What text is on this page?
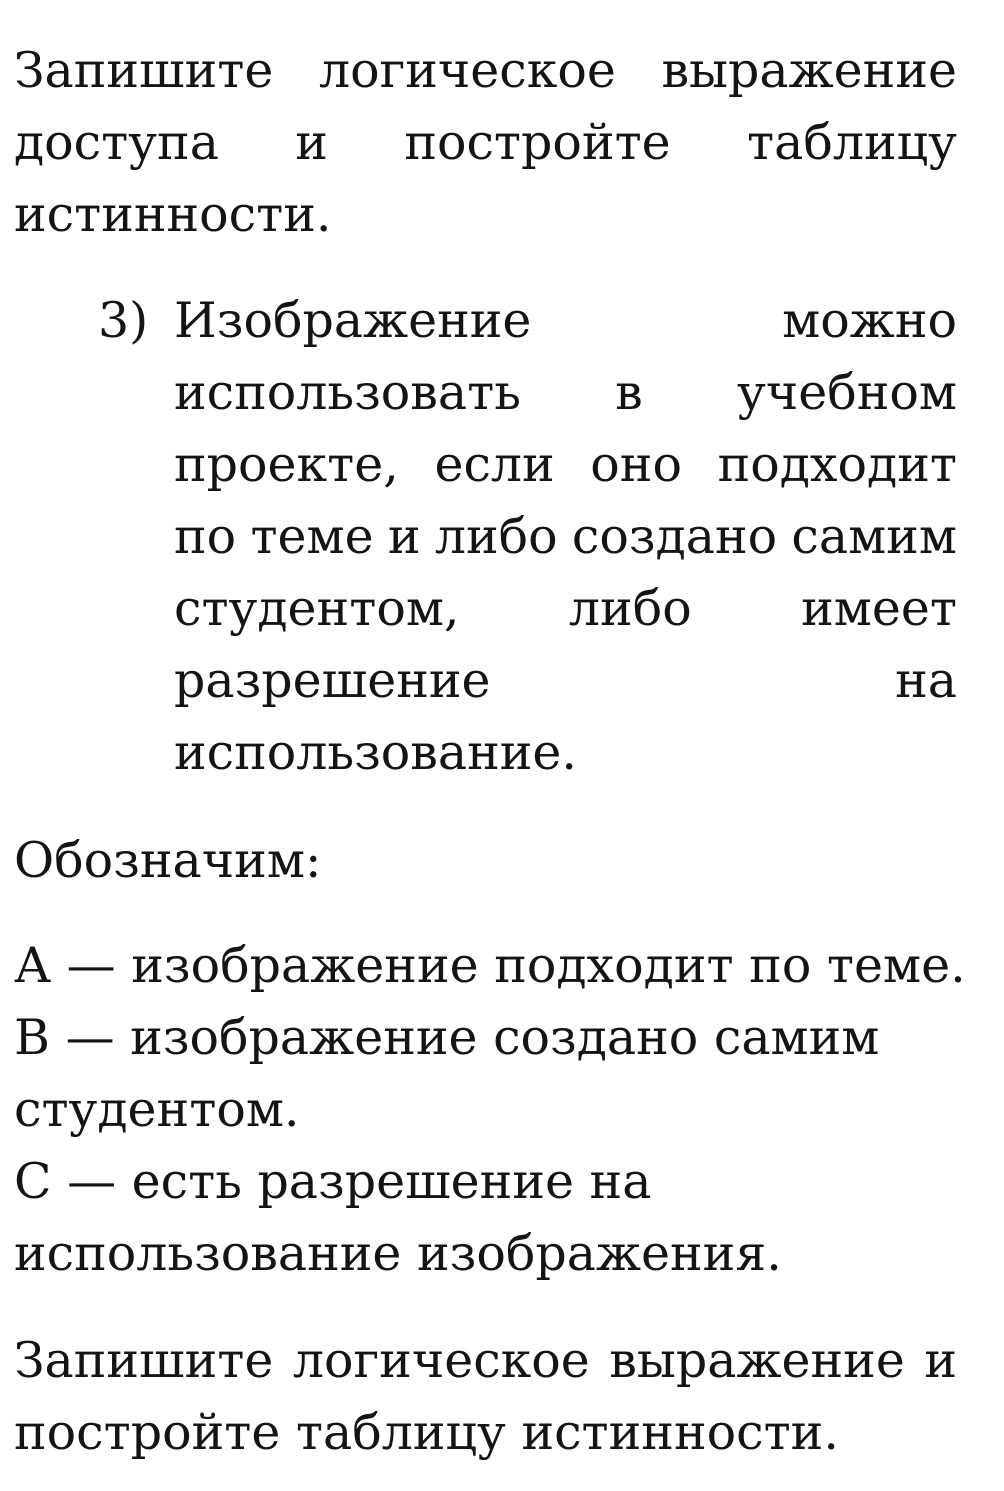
Запишите логическое выражение
доступа и постройте таблицу
истинности.
3) Изображение	можно
использовать в учебном
проекте, если оно подходит
по теме и либо создано самим
студентом, либо имеет
разрешение	на
использование.
Обозначим:
А — изображение подходит по теме.
В — изображение создано самим
студентом.
С — есть разрешение на
использование изображения.
Запишите логическое выражение и
постройте таблицу истинности.
